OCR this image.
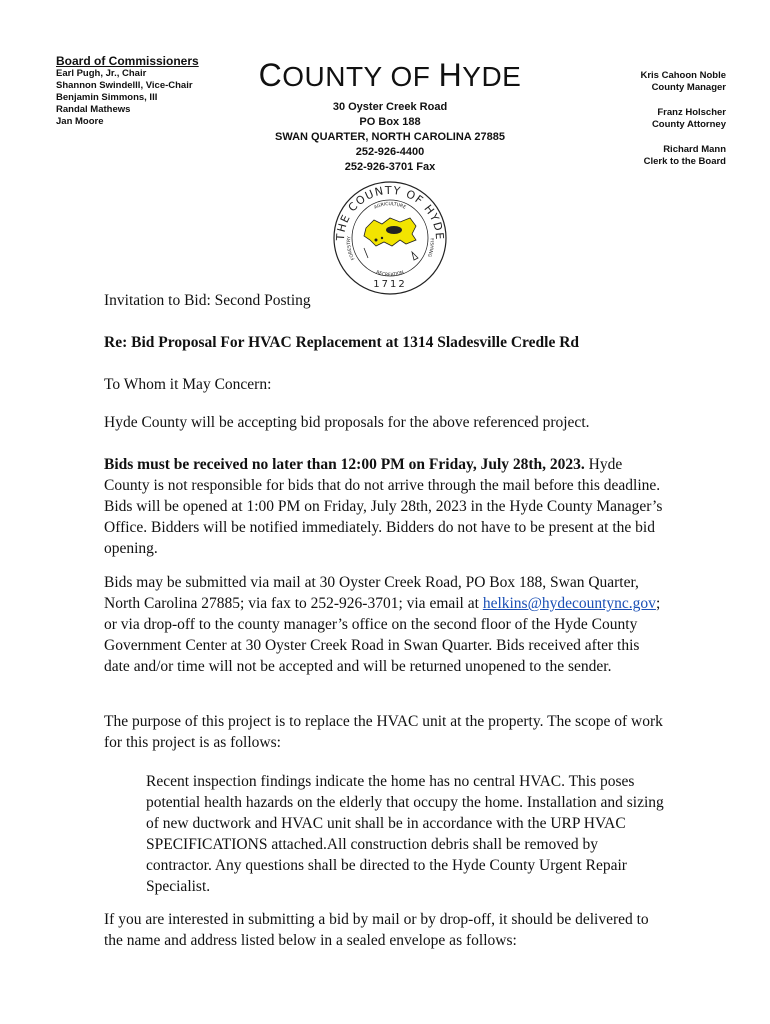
Board of Commissioners
Earl Pugh, Jr., Chair
Shannon Swindelll, Vice-Chair
Benjamin Simmons, III
Randal Mathews
Jan Moore
COUNTY OF HYDE
30 Oyster Creek Road
PO Box 188
SWAN QUARTER, NORTH CAROLINA 27885
252-926-4400
252-926-3701 Fax
Kris Cahoon Noble
County Manager
Franz Holscher
County Attorney
Richard Mann
Clerk to the Board
THE COUNTY OF HYDE
AGRICULTURE
FORESTRY
FISHING
RECREATION
1712
Invitation to Bid: Second Posting
Re: Bid Proposal For HVAC Replacement at 1314 Sladesville Credle Rd
To Whom it May Concern:
Hyde County will be accepting bid proposals for the above referenced project.
Bids must be received no later than 12:00 PM on Friday, July 28th, 2023. Hyde County is not responsible for bids that do not arrive through the mail before this deadline. Bids will be opened at 1:00 PM on Friday, July 28th, 2023 in the Hyde County Manager’s Office. Bidders will be notified immediately. Bidders do not have to be present at the bid opening.
Bids may be submitted via mail at 30 Oyster Creek Road, PO Box 188, Swan Quarter, North Carolina 27885; via fax to 252-926-3701; via email at helkins@hydecountync.gov; or via drop-off to the county manager’s office on the second floor of the Hyde County Government Center at 30 Oyster Creek Road in Swan Quarter. Bids received after this date and/or time will not be accepted and will be returned unopened to the sender.
The purpose of this project is to replace the HVAC unit at the property. The scope of work for this project is as follows:
Recent inspection findings indicate the home has no central HVAC. This poses potential health hazards on the elderly that occupy the home. Installation and sizing of new ductwork and HVAC unit shall be in accordance with the URP HVAC SPECIFICATIONS attached.All construction debris shall be removed by contractor. Any questions shall be directed to the Hyde County Urgent Repair Specialist.
If you are interested in submitting a bid by mail or by drop-off, it should be delivered to the name and address listed below in a sealed envelope as follows:
